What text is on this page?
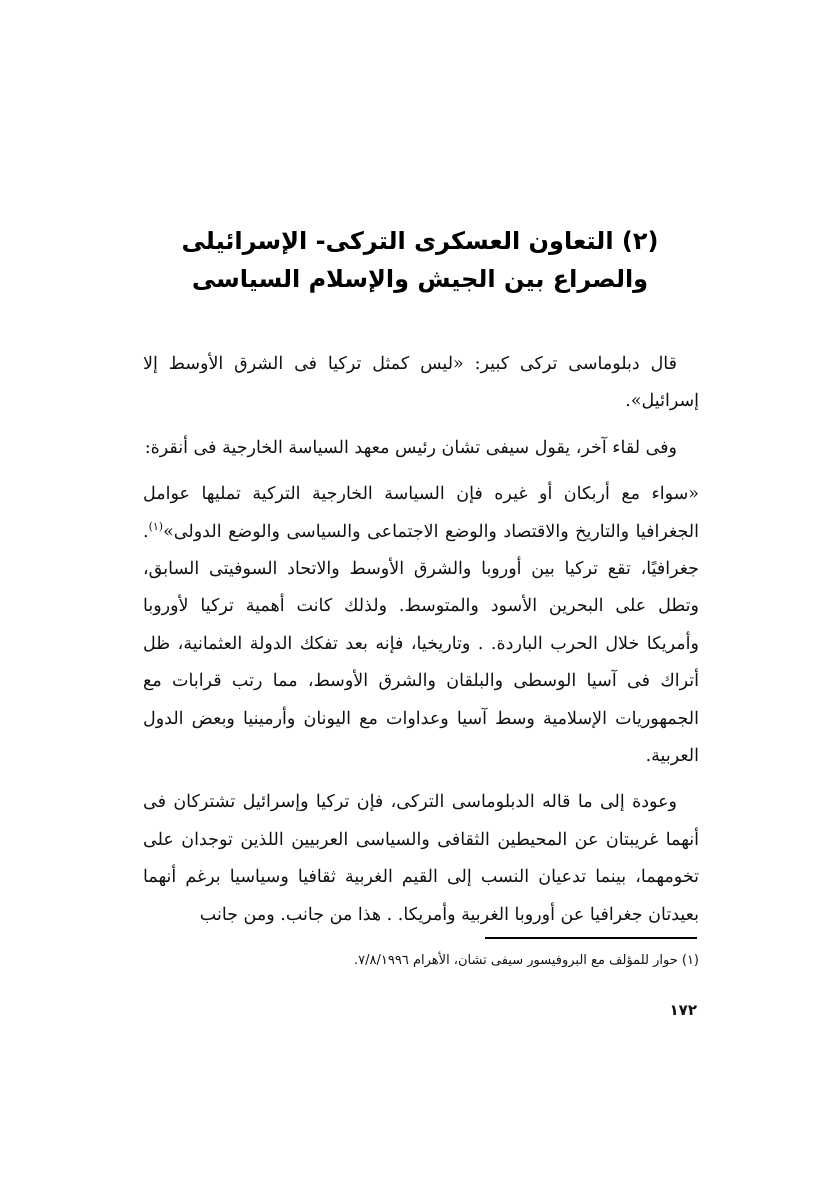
(٢) التعاون العسكرى التركى- الإسرائيلى
والصراع بين الجيش والإسلام السياسى

قال دبلوماسى تركى كبير: «ليس كمثل تركيا فى الشرق الأوسط إلا إسرائيل».

وفى لقاء آخر، يقول سيفى تشان رئيس معهد السياسة الخارجية فى أنقرة:

«سواء مع أربكان أو غيره فإن السياسة الخارجية التركية تمليها عوامل الجغرافيا والتاريخ والاقتصاد والوضع الاجتماعى والسياسى والوضع الدولى»$^{(١)}$. جغرافيًا، تقع تركيا بين أوروبا والشرق الأوسط والاتحاد السوفيتى السابق، وتطل على البحرين الأسود والمتوسط. ولذلك كانت أهمية تركيا لأوروبا وأمريكا خلال الحرب الباردة. . وتاريخيا، فإنه بعد تفكك الدولة العثمانية، ظل أتراك فى آسيا الوسطى والبلقان والشرق الأوسط، مما رتب قرابات مع الجمهوريات الإسلامية وسط آسيا وعداوات مع اليونان وأرمينيا وبعض الدول العربية.

وعودة إلى ما قاله الدبلوماسى التركى، فإن تركيا وإسرائيل تشتركان فى أنهما غريبتان عن المحيطين الثقافى والسياسى العربيين اللذين توجدان على تخومهما، بينما تدعيان النسب إلى القيم الغربية ثقافيا وسياسيا برغم أنهما بعيدتان جغرافيا عن أوروبا الغربية وأمريكا. . هذا من جانب. ومن جانب

(١) حوار للمؤلف مع البروفيسور سيفى تشان، الأهرام ٧/٨/١٩٩٦.
١٧٢
